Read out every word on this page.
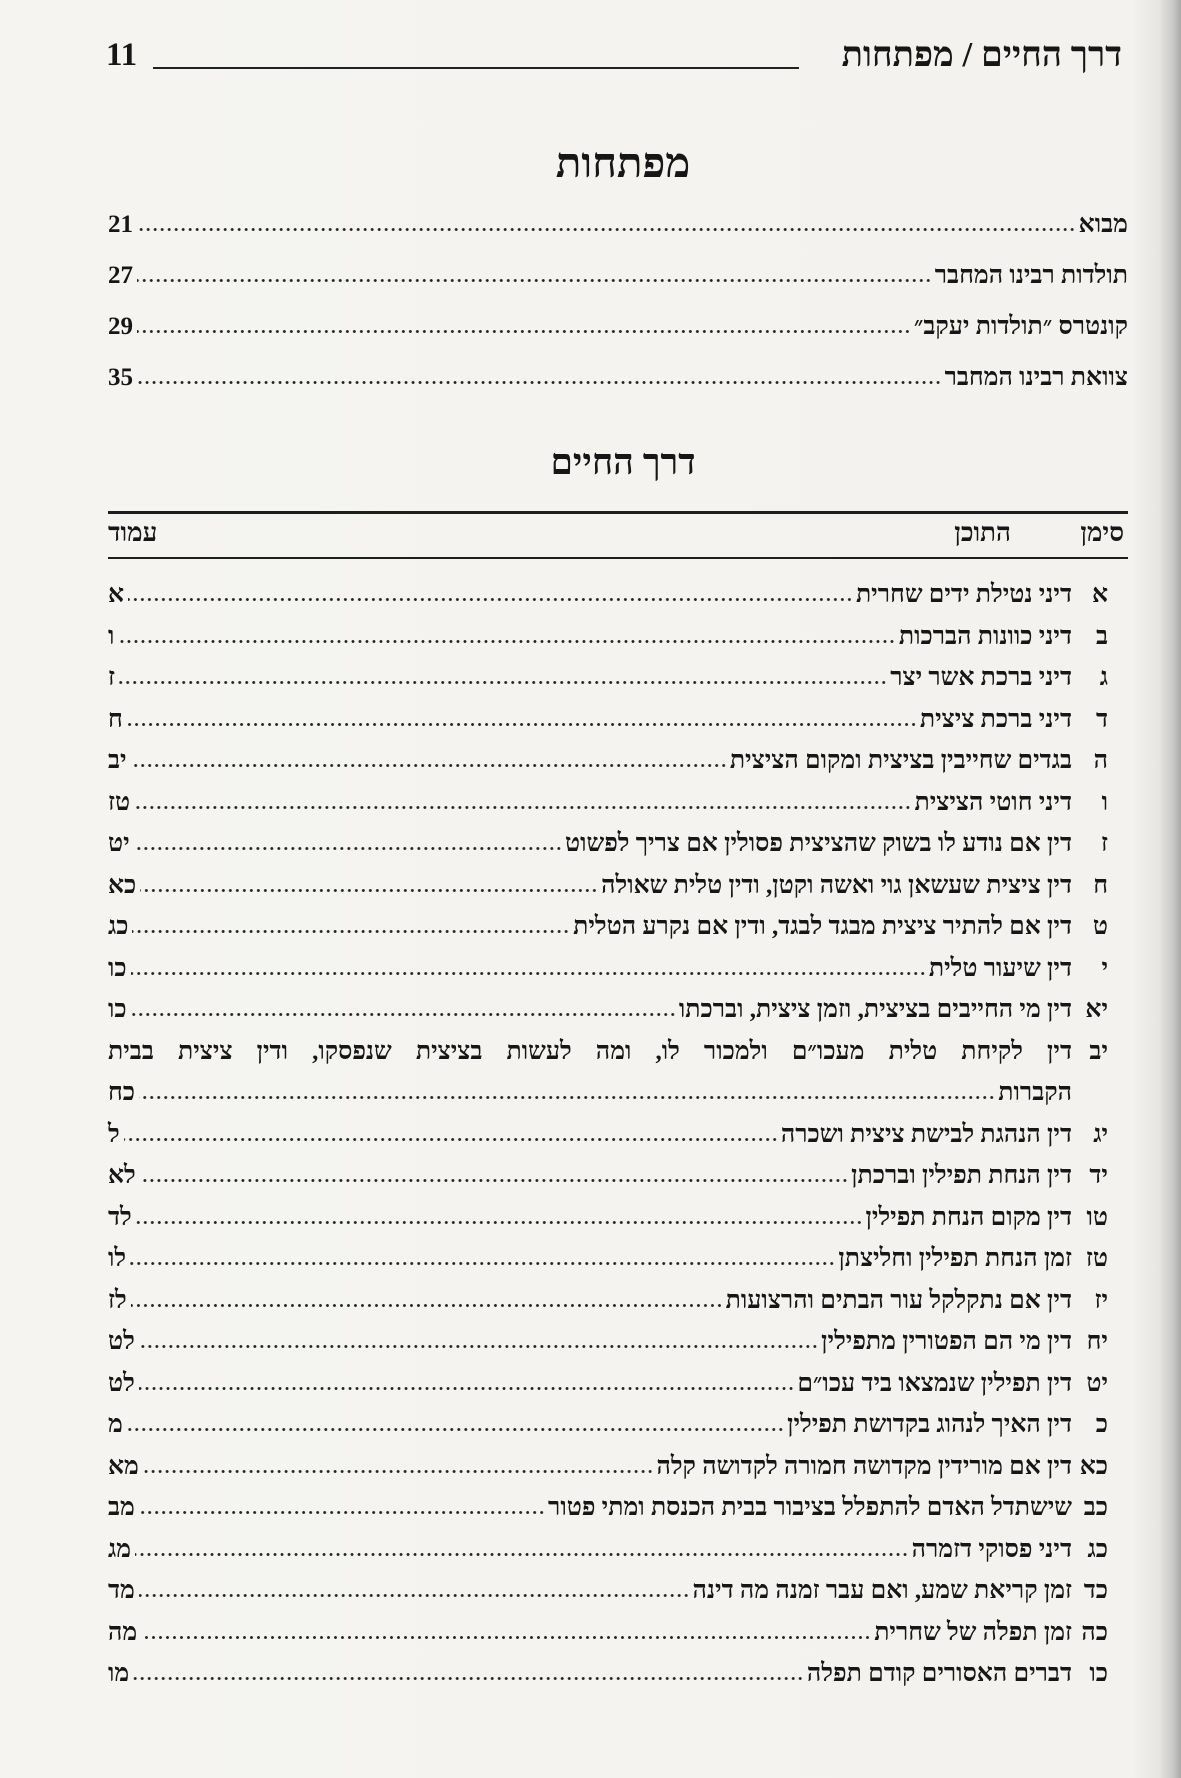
דרך החיים / מפתחות
11
מפתחות
מבוא
21
תולדות רבינו המחבר
27
קונטרס ״תולדות יעקב״
29
צוואת רבינו המחבר
35
דרך החיים
סימן
התוכן
עמוד
א
דיני נטילת ידים שחרית
א
ב
דיני כוונות הברכות
ו
ג
דיני ברכת אשר יצר
ז
ד
דיני ברכת ציצית
ח
ה
בגדים שחייבין בציצית ומקום הציצית
יב
ו
דיני חוטי הציצית
טז
ז
דין אם נודע לו בשוק שהציצית פסולין אם צריך לפשוט
יט
ח
דין ציצית שעשאן גוי ואשה וקטן, ודין טלית שאולה
כא
ט
דין אם להתיר ציצית מבגד לבגד, ודין אם נקרע הטלית
כג
י
דין שיעור טלית
כו
יא
דין מי החייבים בציצית, וזמן ציצית, וברכתו
כו
יב
דין לקיחת טלית מעכו״ם ולמכור לו, ומה לעשות בציצית שנפסקו, ודין ציצית בבית
הקברות
כח
יג
דין הנהגת לבישת ציצית ושכרה
ל
יד
דין הנחת תפילין וברכתן
לא
טו
דין מקום הנחת תפילין
לד
טז
זמן הנחת תפילין וחליצתן
לו
יז
דין אם נתקלקל עור הבתים והרצועות
לז
יח
דין מי הם הפטורין מתפילין
לט
יט
דין תפילין שנמצאו ביד עכו״ם
לט
כ
דין האיך לנהוג בקדושת תפילין
מ
כא
דין אם מורידין מקדושה חמורה לקדושה קלה
מא
כב
שישתדל האדם להתפלל בציבור בבית הכנסת ומתי פטור
מב
כג
דיני פסוקי דזמרה
מג
כד
זמן קריאת שמע, ואם עבר זמנה מה דינה
מד
כה
זמן תפלה של שחרית
מה
כו
דברים האסורים קודם תפלה
מו
